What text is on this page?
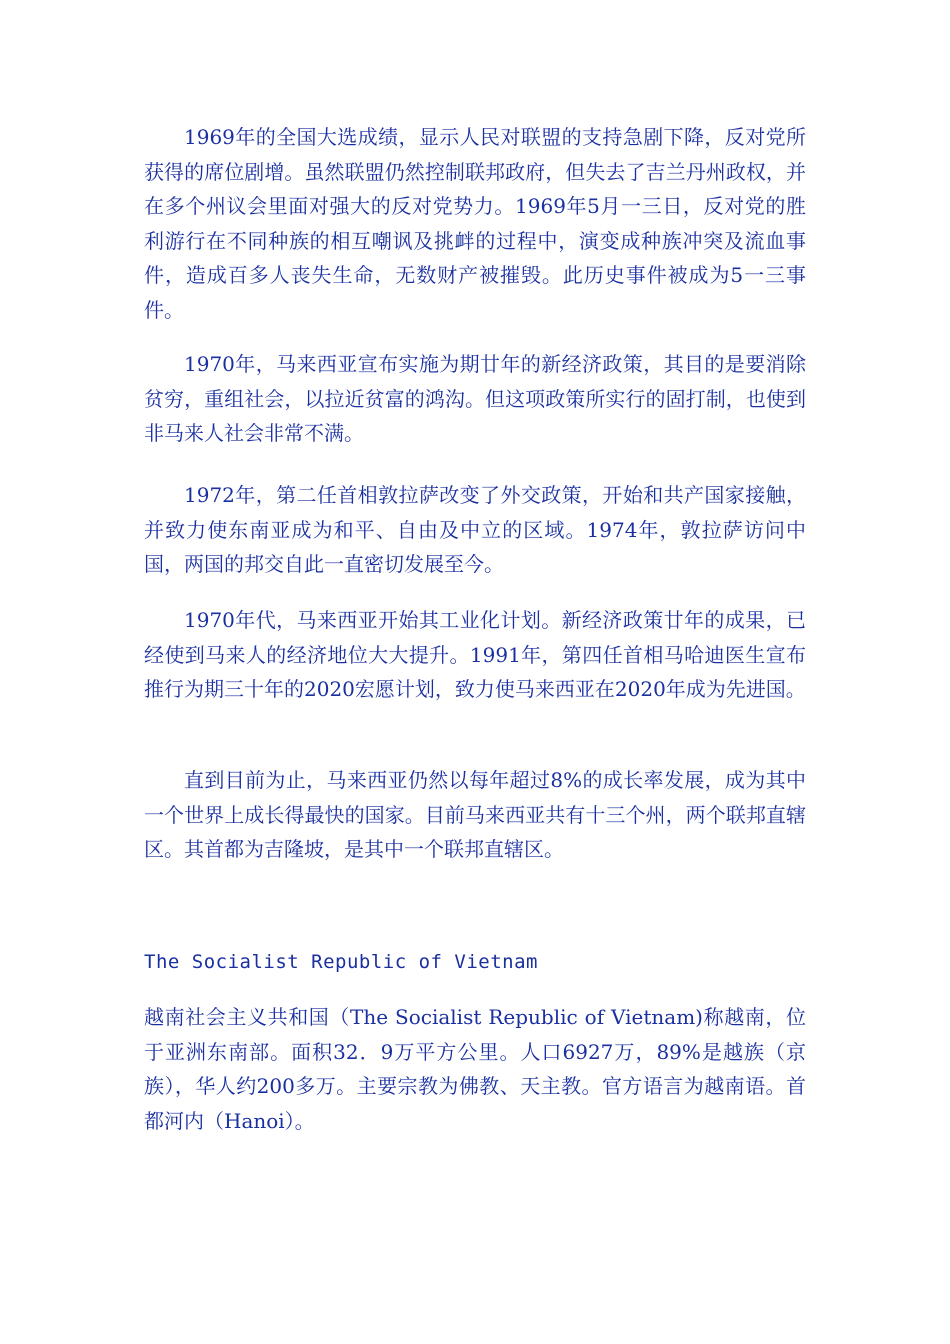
1969年的全国大选成绩，显示人民对联盟的支持急剧下降，反对党所获得的席位剧增。虽然联盟仍然控制联邦政府，但失去了吉兰丹州政权，并在多个州议会里面对强大的反对党势力。1969年5月一三日，反对党的胜利游行在不同种族的相互嘲讽及挑衅的过程中，演变成种族冲突及流血事件，造成百多人丧失生命，无数财产被摧毁。此历史事件被成为5一三事件。

1970年，马来西亚宣布实施为期廿年的新经济政策，其目的是要消除贫穷，重组社会，以拉近贫富的鸿沟。但这项政策所实行的固打制，也使到非马来人社会非常不满。

1972年，第二任首相敦拉萨改变了外交政策，开始和共产国家接触，并致力使东南亚成为和平、自由及中立的区域。1974年，敦拉萨访问中国，两国的邦交自此一直密切发展至今。

1970年代，马来西亚开始其工业化计划。新经济政策廿年的成果，已经使到马来人的经济地位大大提升。1991年，第四任首相马哈迪医生宣布推行为期三十年的2020宏愿计划，致力使马来西亚在2020年成为先进国。

直到目前为止，马来西亚仍然以每年超过8%的成长率发展，成为其中一个世界上成长得最快的国家。目前马来西亚共有十三个州，两个联邦直辖区。其首都为吉隆坡，是其中一个联邦直辖区。

The Socialist Republic of Vietnam

越南社会主义共和国（The Socialist Republic of Vietnam)称越南，位于亚洲东南部。面积32．9万平方公里。人口6927万，89%是越族（京族），华人约200多万。主要宗教为佛教、天主教。官方语言为越南语。首都河内（Hanoi）。
